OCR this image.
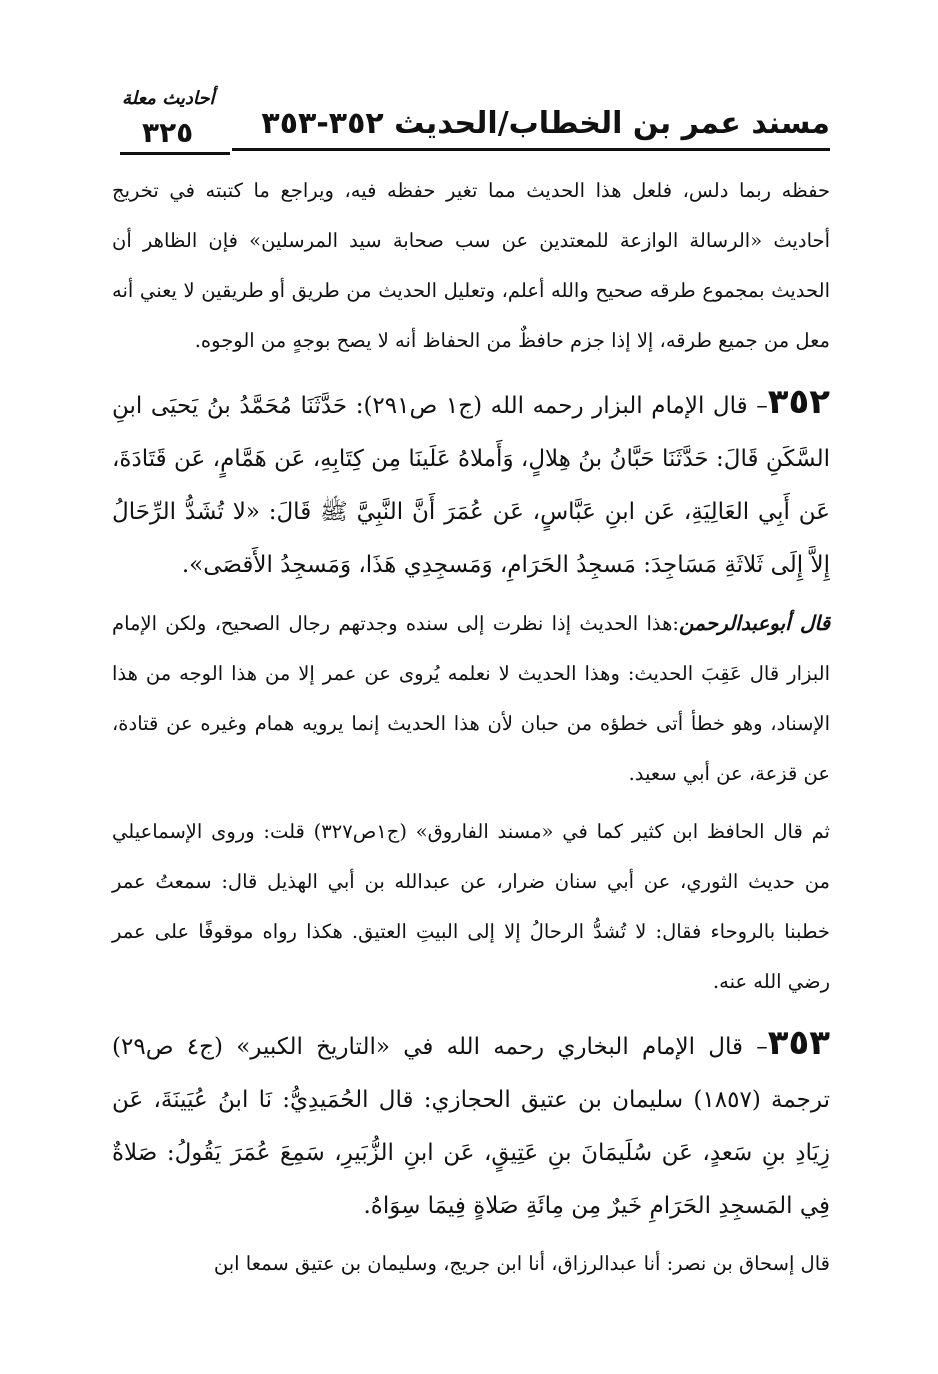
مسند عمر بن الخطاب/الحديث ٣٥٢-٣٥٣
أحاديث معلة
٣٢٥

حفظه ربما دلس، فلعل هذا الحديث مما تغير حفظه فيه، ويراجع ما كتبته في تخريج أحاديث «الرسالة الوازعة للمعتدين عن سب صحابة سيد المرسلين» فإن الظاهر أن الحديث بمجموع طرقه صحيح والله أعلم، وتعليل الحديث من طريق أو طريقين لا يعني أنه معل من جميع طرقه، إلا إذا جزم حافظٌ من الحفاظ أنه لا يصح بوجهٍ من الوجوه.

٣٥٢– قال الإمام البزار رحمه الله (ج١ ص٢٩١): حَدَّثَنَا مُحَمَّدُ بنُ يَحيَى ابنِ السَّكَنِ قَالَ: حَدَّثَنَا حَبَّانُ بنُ هِلالٍ، وَأَملاهُ عَلَينَا مِن كِتَابِهِ، عَن هَمَّامٍ، عَن قَتَادَةَ، عَن أَبِي العَالِيَةِ، عَن ابنِ عَبَّاسٍ، عَن عُمَرَ أَنَّ النَّبِيَّ ﷺ قَالَ: «لا تُشَدُّ الرِّحَالُ إِلاَّ إِلَى ثَلاثَةِ مَسَاجِدَ: مَسجِدُ الحَرَامِ، وَمَسجِدِي هَذَا، وَمَسجِدُ الأَقصَى».

قال أبوعبدالرحمن:هذا الحديث إذا نظرت إلى سنده وجدتهم رجال الصحيح، ولكن الإمام البزار قال عَقِبَ الحديث: وهذا الحديث لا نعلمه يُروى عن عمر إلا من هذا الوجه من هذا الإسناد، وهو خطأ أتى خطؤه من حبان لأن هذا الحديث إنما يرويه همام وغيره عن قتادة، عن قزعة، عن أبي سعيد.

ثم قال الحافظ ابن كثير كما في «مسند الفاروق» (ج١ص٣٢٧) قلت: وروى الإسماعيلي من حديث الثوري، عن أبي سنان ضرار، عن عبدالله بن أبي الهذيل قال: سمعتُ عمر خطبنا بالروحاء فقال: لا تُشدُّ الرحالُ إلا إلى البيتِ العتيق. هكذا رواه موقوفًا على عمر رضي الله عنه.

٣٥٣– قال الإمام البخاري رحمه الله في «التاريخ الكبير» (ج٤ ص٢٩) ترجمة (١٨٥٧) سليمان بن عتيق الحجازي: قال الحُمَيدِيُّ: نَا ابنُ عُيَينَةَ، عَن زِيَادِ بنِ سَعدٍ، عَن سُلَيمَانَ بنِ عَتِيقٍ، عَن ابنِ الزُّبَيرِ، سَمِعَ عُمَرَ يَقُولُ: صَلاةٌ فِي المَسجِدِ الحَرَامِ خَيرٌ مِن مِائَةِ صَلاةٍ فِيمَا سِوَاهُ.

قال إسحاق بن نصر: أنا عبدالرزاق، أنا ابن جريج، وسليمان بن عتيق سمعا ابن
